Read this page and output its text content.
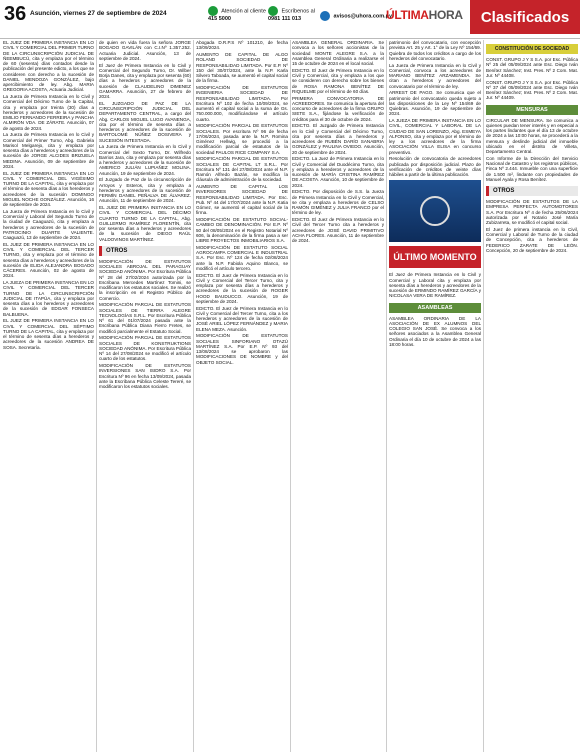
36 Asunción, viernes 27 de septiembre de 2024	Atención al cliente
415 5000
Escríbenos al
0981 111 013	avisos@uhora.com.py
ÚLTIMAHORA	Clasificados

EL JUEZ DE PRIMERA INSTANCIA EN LO CIVIL Y COMERCIAL DEL PRIMER TURNO DE LA CIRCUNSCRIPCIÓN JUDICIAL DE ÑEEMBUCÚ, cita y emplaza por el término de 60 (sesenta) días contados desde la publicación del presente edicto, a los que se consideren con derecho a la sucesión de DANIEL MENDOZA GONZÁLEZ, bajo apercibimiento de ley. Abg. MARIA GREGORIA ACOSTA, Actuaria Judicial.

La Jueza de Primera Instancia en lo Civil y Comercial del Décimo Turno de la Capital, cita y emplaza por treinta (30) días a herederos y acreedores de la sucesión de EMILIO FERNANDO FERREIRA y PANCHA ALMIRÓN VDA. DE ZÁRATE. Asunción, 07 de agosto de 2024.

La Jueza de Primera Instancia en lo Civil y Comercial del Primer Turno, Abg. Gabriela Marisol Melgarejo, cita y emplaza por sesenta días a herederos y acreedores de la sucesión de JORGE ALCIDES BRIZUELA MEDINA. Asunción, 09 de septiembre de 2024.

EL JUEZ DE PRIMERA INSTANCIA EN LO CIVIL Y COMERCIAL DEL VIGÉSIMO TURNO DE LA CAPITAL, cita y emplaza por el término de sesenta días a los herederos y acreedores de la sucesión DOMINGO MIGUEL NOCHE GONZÁLEZ. Asunción, 16 de septiembre de 2024.

La Jueza de Primera Instancia en lo Civil y Comercial y Laboral del Segundo Turno de la ciudad de Caaguazú, cita y emplaza a herederos y acreedores de la sucesión de PATROCINIO DUARTE VALIENTE. Caaguazú, 13 de septiembre de 2024.

EL JUEZ DE PRIMERA INSTANCIA EN LO CIVIL Y COMERCIAL DEL TERCER TURNO, cita y emplaza por el término de sesenta días a herederos y acreedores de la sucesión de ELIDA ALEJANDRA BOGADO CÁCERES. Asunción, 02 de agosto de 2024.

LA JUEZA DE PRIMERA INSTANCIA EN LO CIVIL Y COMERCIAL DEL TERCER TURNO DE LA CIRCUNSCRIPCIÓN JUDICIAL DE ITAPÚA, cita y emplaza por sesenta días a los herederos y acreedores de la sucesión de EDGAR FONSECA BALBUENA.

EL JUEZ DE PRIMERA INSTANCIA EN LO CIVIL Y COMERCIAL DEL SÉPTIMO TURNO DE LA CAPITAL, cita y emplaza por el término de sesenta días a herederos y acreedores de la sucesión ANDREA DE SOSA. Secretaría.

de quien en vida fuera la señora JORGE BOGADO GAVILÁN con C.I.Nº 1.357.252. Actuaria Judicial. Asunción, 13 de septiembre de 2024.

El Juez de Primera Instancia en lo Civil y Comercial del Segundo Turno, Dr. Wilber Borja Danes, cita y emplaza por sesenta (60) días a herederos y acreedores de la sucesión de CLAUDELINO DIMENEZ GAMARRA. Asunción, 27 de febrero de 2024.

EL JUZGADO DE PAZ DE LA CIRCUNSCRIPCIÓN JUDICIAL DEL DEPARTAMENTO CENTRAL, a cargo del Abg. CARLOS MIGUEL LUGO AVANENGA, cita por el término de sesenta días a herederos y acreedores de la sucesión de BARTOLOMÉ NÚÑEZ DOSIVERA y SUCESIÓN INTESTADA.

La Jueza de Primera Instancia en lo Civil y Comercial del Sexto Turno, Dr. Wilfredo Barrios Jara, cita y emplaza por sesenta días a herederos y acreedores de la sucesión de AMERICO JULIÁN LUPIAÑEZ MOLINA. Asunción, 19 de septiembre de 2024.

El Juzgado de Paz de la circunscripción de Arroyos y Esteros, cita y emplaza a herederos y acreedores de la sucesión de FERMÍN DANIEL PEÑALVA DE ÁLVAREZ. Asunción, 11 de septiembre de 2024.

EL JUEZ DE PRIMERA INSTANCIA EN LO CIVIL Y COMERCIAL DEL DÉCIMO CUARTO TURNO DE LA CAPITAL, Abg. GUILLERMO RAMÍREZ FLORENTÍN, cita por sesenta días a herederos y acreedores de la sucesión de DIEGO RAÚL VALDOVINOS MARTÍNEZ.

OTROS

MODIFICACIÓN DE ESTATUTOS SOCIALES ABROJAL DEL PARAGUAY SOCIEDAD ANÓNIMA. Por Escritura Pública Nº 28 del 27/02/2024 autorizada por la Escribana Mercedes Martínez Tomini, se modificaron los estatutos sociales. Se realizó la inscripción en el Registro Público de Comercio.

MODIFICACIÓN PARCIAL DE ESTATUTOS SOCIALES DE TIERRA ALEGRE TECNOLOGÍAS S.R.L. Por Escritura Pública Nº 61 del 01/07/2024 pasada ante la Escribana Pública Diana Fierro Fretes, se modificó parcialmente el Estatuto Social.

MODIFICACIÓN PARCIAL DE ESTATUTOS SOCIALES DE KONSTRUKTIONS SOCIEDAD ANÓNIMA. Por Escritura Pública Nº 14 del 27/08/2024 se modificó el artículo cuarto de los estatutos.

MODIFICACIÓN DE ESTATUTOS INVERSIONES SAN ISIDRO S.A. Por Escritura Nº 96 en fecha 13/09/2024, pasada ante la Escribana Pública Celeste Tereré, se modificaron los estatutos sociales.

Abogada D.R.P.S Nº 101210, de fecha 13/09/2024.

AUMENTO DE CAPITAL DE ALGO ROLAND SOCIEDAD DE RESPONSABILIDAD LIMITADA. Por E.P. Nº 150 del 30/07/2024, ante la N.P. Karla Silvero Taboada, se aumentó el capital social de la firma.

MODIFICACIÓN DE ESTATUTOS INGENIERIA SOCIEDAD DE RESPONSABILIDAD LIMITADA. Por Escritura Nº 102 de fecha 10/09/2024, se aumentó el capital social a la suma de Gs. 750.000.000, modificándose el artículo cuarto.

MODIFICACIÓN PARCIAL DE ESTATUTOS SOCIALES. Por escritura Nº 96 de fecha 17/06/2024, pasada ante la N.P. Romina Giménez Hellwig, se procedió a la modificación parcial de estatutos de la sociedad PAULOS RICE COMPANY S.A.

MODIFICACIÓN PARCIAL DE ESTATUTOS SOCIALES DE CAPITAL LT S.R.L. Por Escritura Nº 131 del 27/08/2024 ante el N.P. Ramón Alfredo Bazán, se modifica la cláusula de administración de la sociedad.

AUMENTO DE CAPITAL LOS INVERSORES SOCIEDAD DE RESPONSABILIDAD LIMITADA. Por Esc. Pub. Nº 44 del 17/07/2024 ante la N.P. Katia Gómez, se aumentó el capital social de la firma.

MODIFICACIÓN DE ESTATUTO SOCIAL-CAMBIO DE DENOMINACIÓN. Por E.P. Nº 50 del 08/05/2024 en el Registro Notarial Nº 606, la denominación de la firma pasa a ser LIBRE PROYECTOS INMOBILIARIOS S.A.

MODIFICACIÓN DE ESTATUTO SOCIAL AGROCAMPA COMERCIAL E INDUSTRIAL S.A. Por Esc. Nº 124 de fecha 02/08/2024 ante la N.P. Fabiola Aquino Blanco, se modificó el artículo tercero.

EDICTO. El Juez de Primera Instancia en lo Civil y Comercial del Tercer Turno, cita y emplaza por sesenta días a herederos y acreedores de la sucesión de ROGER HOOD BAUDUCCO. Asunción, 19 de septiembre de 2024.

EDICTO. El Juez de Primera Instancia en lo Civil y Comercial del Tercer Turno, cita a los herederos y acreedores de la sucesión de JOSÉ ARIEL LÓPEZ FERNÁNDEZ y MARIA ELENA MEZA. Asunción.

MODIFICACIÓN DE ESTATUTOS SOCIALES SINFORIANO OTAZÚ MARTÍNEZ S.A. Por E.P. Nº 93 del 13/08/2024 se aprobaron las MODIFICACIONES DE NOMBRE y del OBJETO SOCIAL.

ASAMBLEA GENERAL ORDINARIA. Se convoca a los señores accionistas de la sociedad MONTE ALEGRE S.A. a la Asamblea General Ordinaria a realizarse el 15 de octubre de 2024 en el local social.

EDICTO. El Juez de Primera Instancia en lo Civil y Comercial, cita y emplaza a los que se consideren con derecho sobre los bienes de ROSA RAMONA BENÍTEZ DE RIQUELME por el término de 60 días.

PRIMERA CONVOCATORIA DE ACREEDORES. Se comunica la apertura del concurso de acreedores de la firma GRUPO SIETE S.A., fijándose la verificación de créditos para el 30 de octubre de 2024.

EDICTO. El Juzgado de Primera Instancia en lo Civil y Comercial del Décimo Turno, cita por sesenta días a herederos y acreedores de RUBÉN DARÍO SANABRIA GONZÁLEZ y PAULINA OVIEDO. Asunción, 20 de septiembre de 2024.

EDICTO. La Juez de Primera Instancia en lo Civil y Comercial del Duodécimo Turno, cita y emplaza a herederos y acreedores de la sucesión de MARÍA CRISTINA RAMÍREZ DE ACOSTA. Asunción, 10 de septiembre de 2024.

EDICTO. Por disposición de S.S. la Jueza de Primera Instancia en lo Civil y Comercial, se cita y emplaza a herederos de CELSO RAMÓN GIMÉNEZ y JULIA FRANCO por el término de ley.

EDICTO. El Juez de Primera Instancia en lo Civil del Tercer Turno cita a herederos y acreedores de JOSÉ DAVID PRIMITIVO ACHA FLORES. Asunción, 11 de septiembre de 2024.

patrimonio del convocatario, con excepción prevista Art. 25 y Art. 1° de la Ley Nº 154/69. Quiebra de todos los créditos a cargo de los herederos del convocatario.

La Jueza de Primera Instancia en lo Civil y Comercial, convoca a los acreedores de MARIANO BENÍTEZ ARZAMENDIA. Se citan a herederos y acreedores del convocatario por el término de ley.

ARREST DE PAGO. Se comunica que el patrimonio del convocatario queda sujeto a las disposiciones de la Ley Nº 154/69 de Quiebras. Asunción, 19 de septiembre de 2024.

LA JUEZA DE PRIMERA INSTANCIA EN LO CIVIL, COMERCIAL Y LABORAL DE LA CIUDAD DE SAN LORENZO, Abg. ESMEYA ALFONSO, cita y emplaza por el término de ley a los acreedores de la firma ASOCIACIÓN VILLA ELISA en concurso preventivo.

Resolución de convocatoria de acreedores publicada por disposición judicial. Plazo de verificación de créditos de veinte días hábiles a partir de la última publicación.

ÚLTIMO MOMENTO

El Juez de Primera Instancia en lo Civil y Comercial y Laboral cita y emplaza por sesenta días a herederos y acreedores de la sucesión de ERMINDO RAMÍREZ GARCÍA y NICOLASA VERA DE RAMÍREZ.

ASAMBLEAS

ASAMBLEA ORDINARIA DE LA ASOCIACIÓN DE EX ALUMNOS DEL COLEGIO SAN JOSÉ. Se convoca a los señores asociados a la Asamblea General Ordinaria el día 10 de octubre de 2024 a las 18:00 horas.

CONSTITUCIÓN DE SOCIEDAD

CONST. GRUPO J Y S S.A. por Esc. Pública Nº 25 del 05/09/2024 ante Esc. Diego Iván Benítez Sánchez; Inst. Pres. Nº 2 Com. Mat. Jur. Nº 44408.

CONST. GRUPO J Y S S.A. por Esc. Pública Nº 37 del 05/09/2024 ante Esc. Diego Iván Benítez Sánchez; Inst. Pres. Nº 2 Com. Mat. Jur. Nº 44409.

MENSURAS

CIRCULAR DE MENSURA. Se comunica a quienes puedan tener interés y en especial a los partes lindantes que el día 13 de octubre de 2024 a las 10:00 horas, se procederá a la mensura y deslinde judicial del inmueble ubicado en el distrito de Villeta, Departamento Central.

Con Informe de la Dirección del Servicio Nacional de Catastro y los registros públicos, Finca Nº 2.444. Inmueble con una superficie de 1.500 m², lindante con propiedades de Manuel Ayala y Rosa Benítez.

OTROS

MODIFICACIÓN DE ESTATUTOS DE LA EMPRESA PERFECTA AUTOMOTORES S.A. Por Escritura Nº 4 de fecha 25/06/2024 autorizada por el Notario José María Zubizarreta, se modificó el capital social.

El Juez de primera instancia en lo Civil, Comercial y Laboral de Turno de la ciudad de Concepción, cita a herederos de FEDERICO ZARATE DE LEÓN. Concepción, 20 de septiembre de 2024.
